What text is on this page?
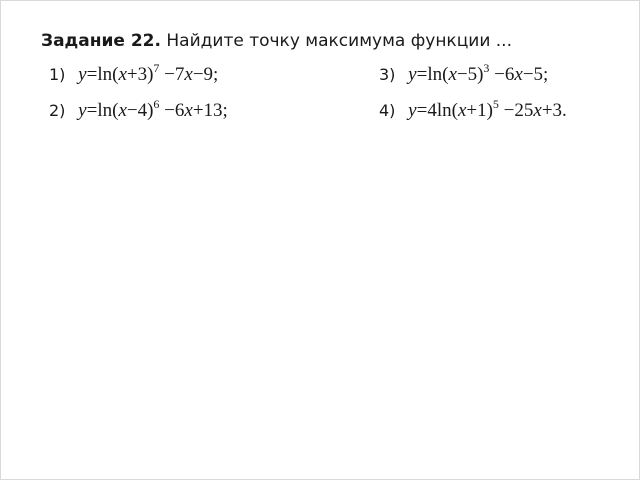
Задание 22. Найдите точку максимума функции ...
1) $y=\ln(x+3)^7 -7x-9$;
2) $y=\ln(x-4)^6 -6x+13$;
3) $y=\ln(x-5)^3 -6x-5$;
4) $y=4\ln(x+1)^5 -25x+3$.
